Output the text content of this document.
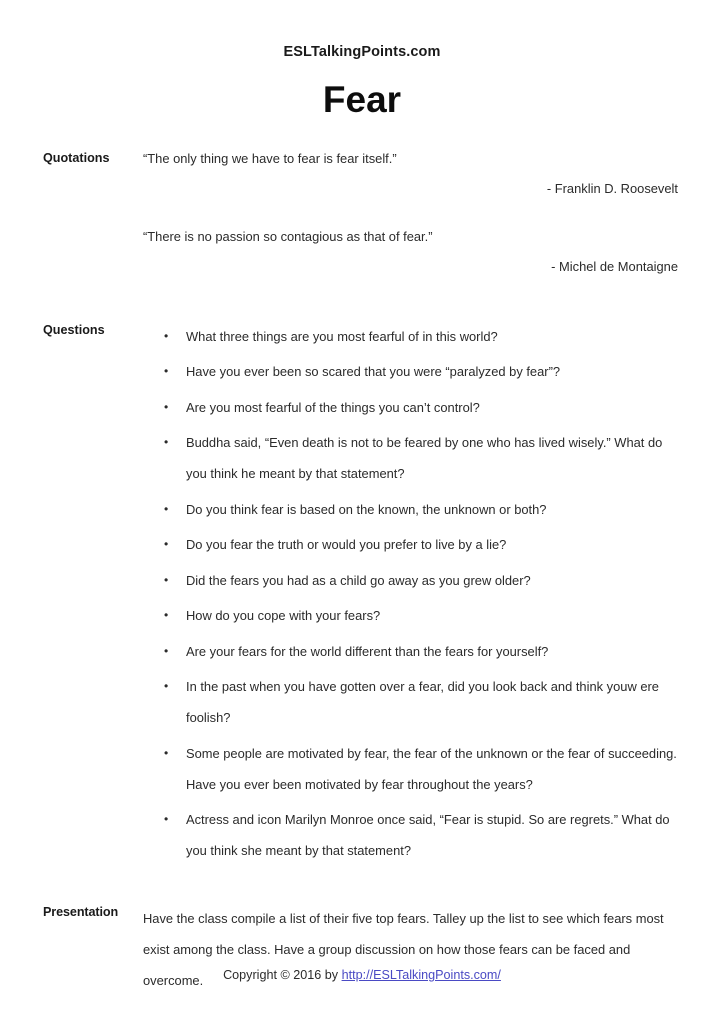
ESLTalkingPoints.com
Fear
Quotations	“The only thing we have to fear is fear itself.”
- Franklin D. Roosevelt
“There is no passion so contagious as that of fear.”
- Michel de Montaigne
Questions	• What three things are you most fearful of in this world?
• Have you ever been so scared that you were “paralyzed by fear”?
• Are you most fearful of the things you can’t control?
• Buddha said, “Even death is not to be feared by one who has lived wisely.” What do you think he meant by that statement?
• Do you think fear is based on the known, the unknown or both?
• Do you fear the truth or would you prefer to live by a lie?
• Did the fears you had as a child go away as you grew older?
• How do you cope with your fears?
• Are your fears for the world different than the fears for yourself?
• In the past when you have gotten over a fear, did you look back and think youw ere foolish?
• Some people are motivated by fear, the fear of the unknown or the fear of succeeding. Have you ever been motivated by fear throughout the years?
• Actress and icon Marilyn Monroe once said, “Fear is stupid. So are regrets.” What do you think she meant by that statement?
Presentation	Have the class compile a list of their five top fears. Talley up the list to see which fears most exist among the class. Have a group discussion on how those fears can be faced and overcome.	Copyright © 2016 by http://ESLTalkingPoints.com/
